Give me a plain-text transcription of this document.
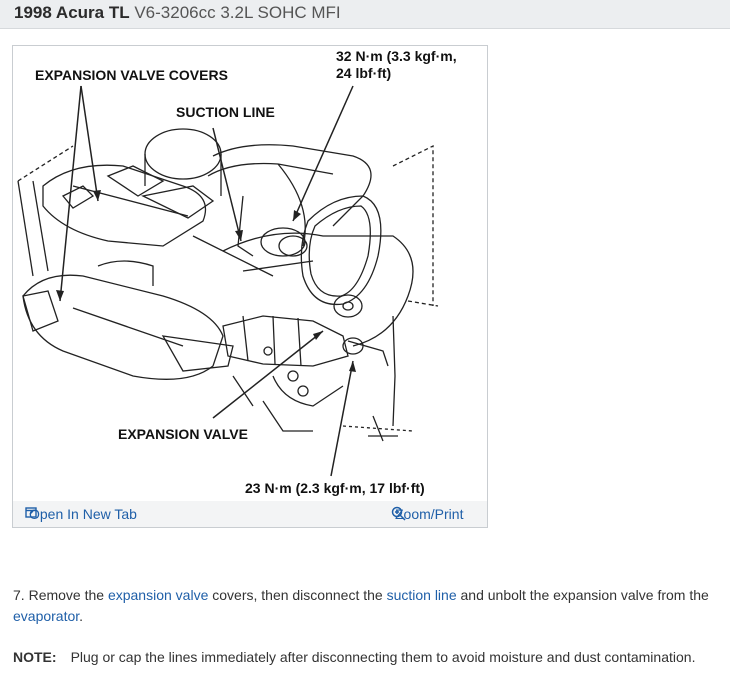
1998 Acura TL V6-3206cc 3.2L SOHC MFI
EXPANSION VALVE COVERS
SUCTION LINE
32 N·m (3.3 kgf·m,
24 lbf·ft)
EXPANSION VALVE
23 N·m (2.3 kgf·m, 17 lbf·ft)
Open In New Tab	Zoom/Print
7. Remove the expansion valve covers, then disconnect the suction line and unbolt the expansion valve from the evaporator.
NOTE: Plug or cap the lines immediately after disconnecting them to avoid moisture and dust contamination.
